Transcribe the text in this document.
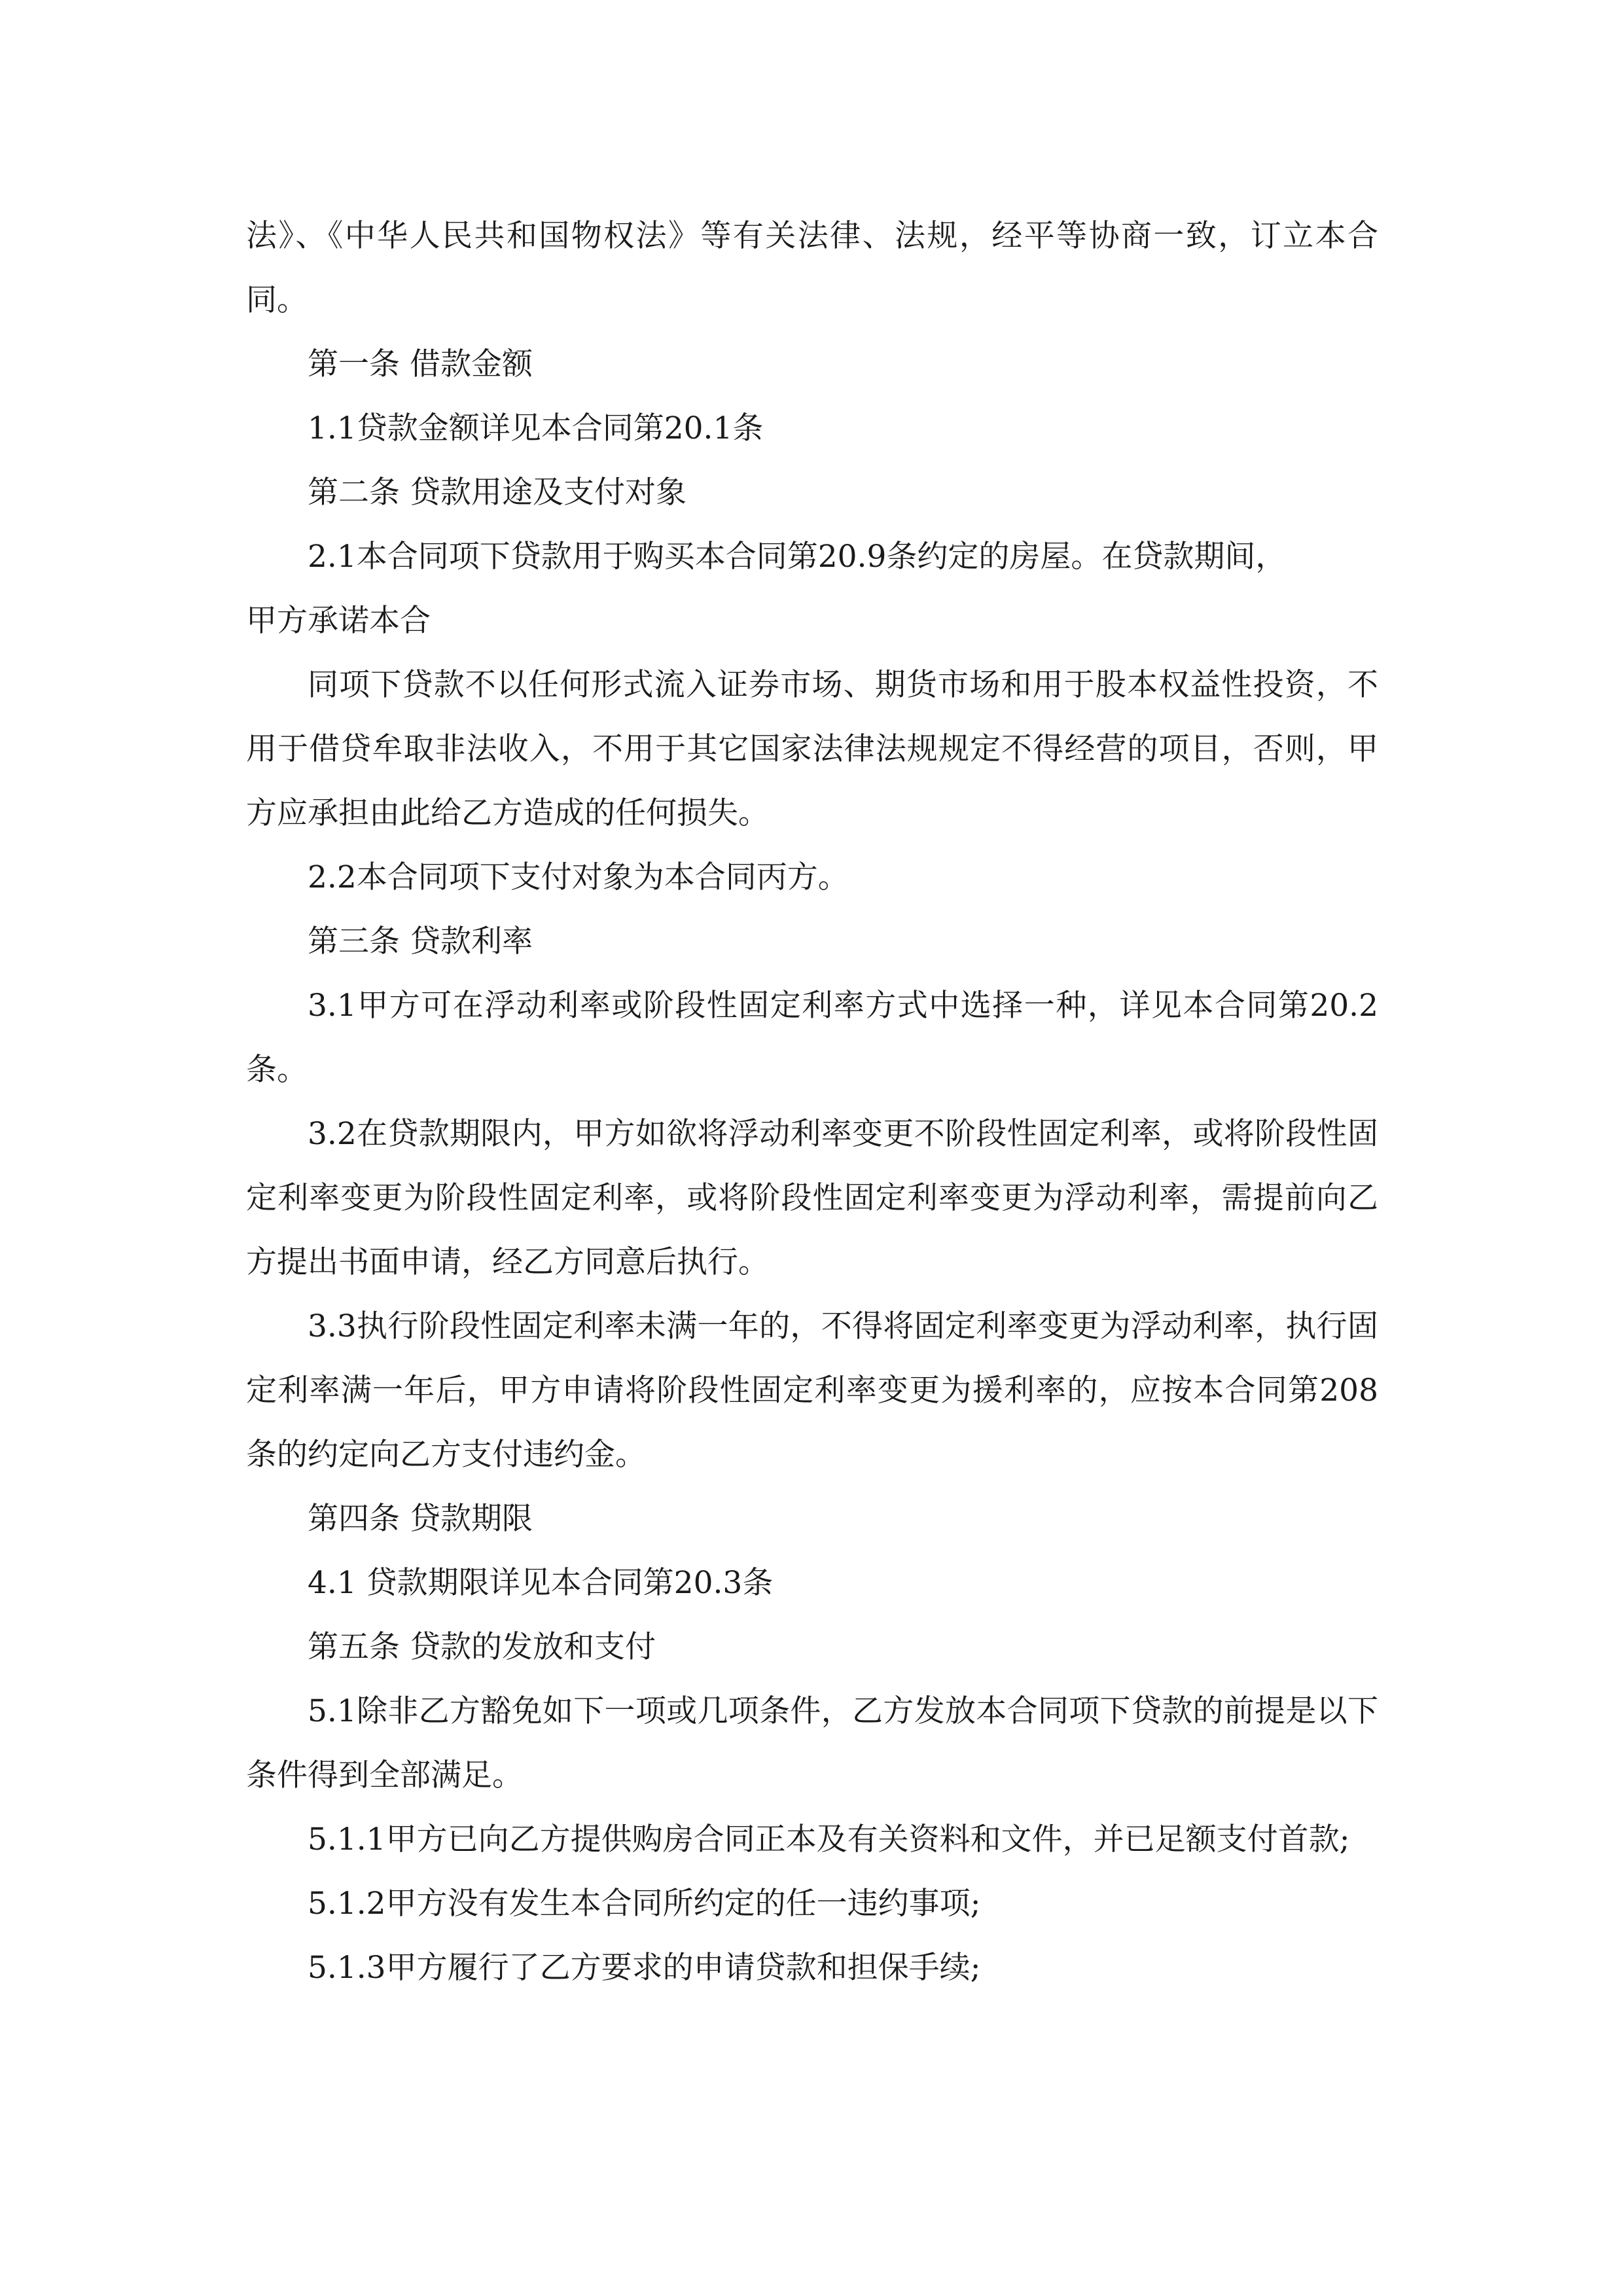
法》、《中华人民共和国物权法》等有关法律、法规，经平等协商一致，订立本合同。

第一条 借款金额

1.1贷款金额详见本合同第20.1条

第二条 贷款用途及支付对象

2.1本合同项下贷款用于购买本合同第20.9条约定的房屋。在贷款期间，

甲方承诺本合

同项下贷款不以任何形式流入证券市场、期货市场和用于股本权益性投资，不用于借贷牟取非法收入，不用于其它国家法律法规规定不得经营的项目，否则，甲方应承担由此给乙方造成的任何损失。

2.2本合同项下支付对象为本合同丙方。

第三条 贷款利率

3.1甲方可在浮动利率或阶段性固定利率方式中选择一种，详见本合同第20.2条。

3.2在贷款期限内，甲方如欲将浮动利率变更不阶段性固定利率，或将阶段性固定利率变更为阶段性固定利率，或将阶段性固定利率变更为浮动利率，需提前向乙方提出书面申请，经乙方同意后执行。

3.3执行阶段性固定利率未满一年的，不得将固定利率变更为浮动利率，执行固定利率满一年后，甲方申请将阶段性固定利率变更为援利率的，应按本合同第208条的约定向乙方支付违约金。

第四条 贷款期限

4.1 贷款期限详见本合同第20.3条

第五条 贷款的发放和支付

5.1除非乙方豁免如下一项或几项条件，乙方发放本合同项下贷款的前提是以下条件得到全部满足。

5.1.1甲方已向乙方提供购房合同正本及有关资料和文件，并已足额支付首款;

5.1.2甲方没有发生本合同所约定的任一违约事项;

5.1.3甲方履行了乙方要求的申请贷款和担保手续;
